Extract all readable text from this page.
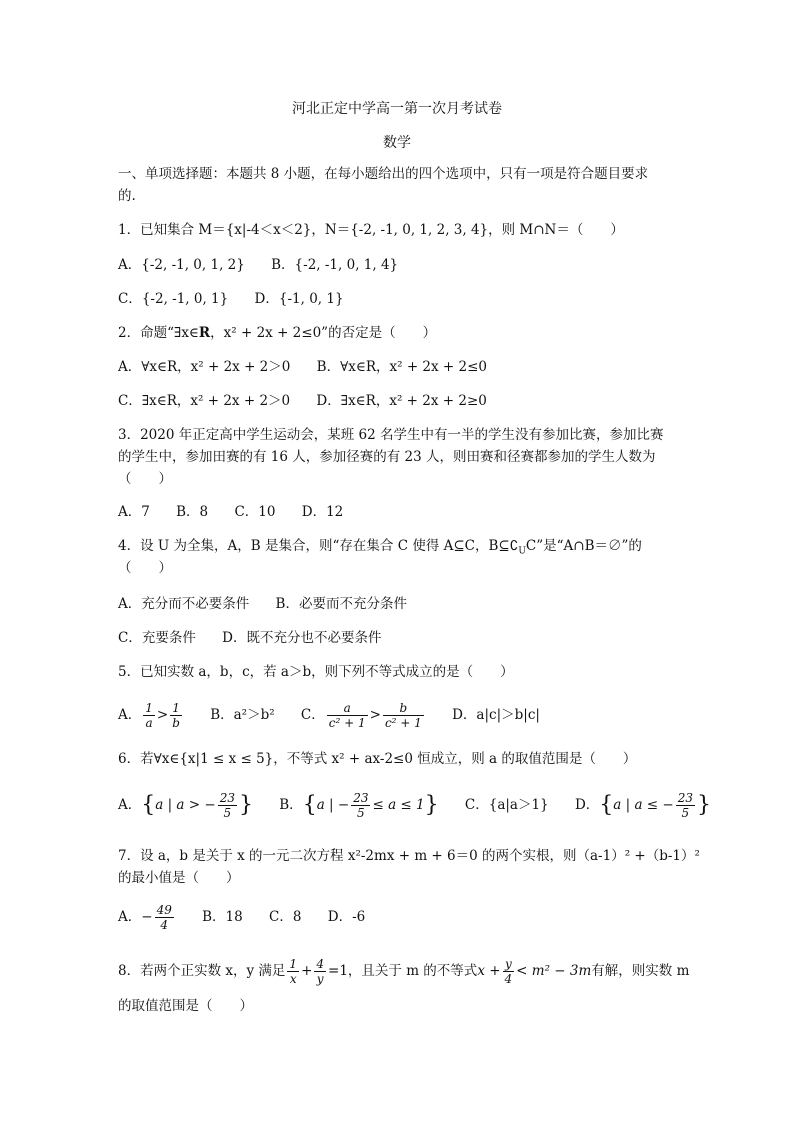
河北正定中学高一第一次月考试卷
数学
一、单项选择题：本题共 8 小题，在每小题给出的四个选项中，只有一项是符合题目要求
的.
1．已知集合 M＝{x|-4＜x＜2}，N＝{-2, -1, 0, 1, 2, 3, 4}，则 M∩N＝（　　）
A．{-2, -1, 0, 1, 2} B．{-2, -1, 0, 1, 4}
C．{-2, -1, 0, 1} D．{-1, 0, 1}
2．命题“∃x∈R，x² + 2x + 2≤0”的否定是（　　）
A．∀x∈R，x² + 2x + 2＞0 B．∀x∈R，x² + 2x + 2≤0
C．∃x∈R，x² + 2x + 2＞0 D．∃x∈R，x² + 2x + 2≥0
3．2020 年正定高中学生运动会，某班 62 名学生中有一半的学生没有参加比赛，参加比赛
的学生中，参加田赛的有 16 人，参加径赛的有 23 人，则田赛和径赛都参加的学生人数为
（　　）
A．7 B．8 C．10 D．12
4．设 U 为全集，A，B 是集合，则“存在集合 C 使得 A⊆C，$B⊆∁_UC$”是“A∩B＝∅”的
（　　）
A．充分而不必要条件 B．必要而不充分条件
C．充要条件 D．既不充分也不必要条件
5．已知实数 a，b，c，若 a＞b，则下列不等式成立的是（　　）
A． $\frac{1}{a} > \frac{1}{b}$ B．a²＞b² C． $\frac{a}{\text{c² + 1}} > \frac{b}{\text{c² + 1}}$ D．a|c|＞b|c|
6．若∀x∈{x|1 ≤ x ≤ 5}，不等式 x² + ax-2≤0 恒成立，则 a 的取值范围是（　　）
A．{a | a > − $\frac{23}{5}$ } B．{a | − $\frac{23}{5} \le a \le 1$} C．{a|a＞1} D．{a | a ≤ − $\frac{23}{5}$ }
7．设 a，b 是关于 x 的一元二次方程 x²-2mx + m + 6＝0 的两个实根，则（a-1）² +（b-1）²
的最小值是（　　）
A．− $\frac{49}{4}$ B．18 C．8 D．-6
8．若两个正实数 x，y 满足 $\frac{1}{x} + \frac{4}{y} =1$，且关于 m 的不等式$x + \frac{y}{4} < m^2 - 3m$有解，则实数 m
的取值范围是（　　）
